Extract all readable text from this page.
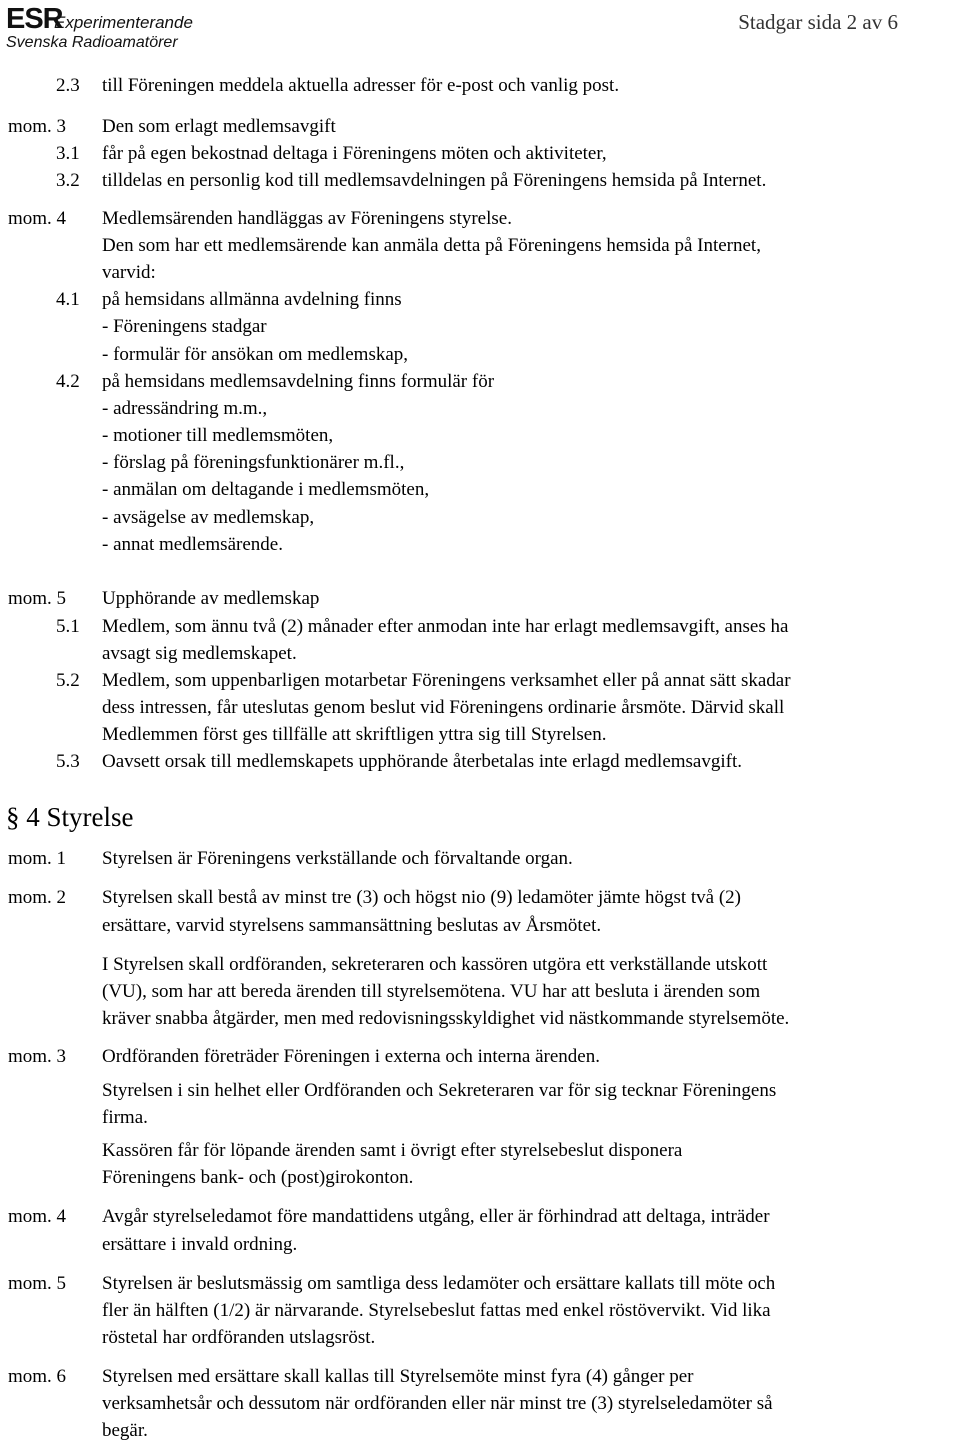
ESR
Experimenterande
Svenska Radioamatörer
Stadgar sida 2 av 6
2.3 till Föreningen meddela aktuella adresser för e-post och vanlig post.
mom. 3 Den som erlagt medlemsavgift
3.1 får på egen bekostnad deltaga i Föreningens möten och aktiviteter,
3.2 tilldelas en personlig kod till medlemsavdelningen på Föreningens hemsida på Internet.
mom. 4 Medlemsärenden handläggas av Föreningens styrelse.
Den som har ett medlemsärende kan anmäla detta på Föreningens hemsida på Internet,
varvid:
4.1 på hemsidans allmänna avdelning finns
- Föreningens stadgar
- formulär för ansökan om medlemskap,
4.2 på hemsidans medlemsavdelning finns formulär för
- adressändring m.m.,
- motioner till medlemsmöten,
- förslag på föreningsfunktionärer m.fl.,
- anmälan om deltagande i medlemsmöten,
- avsägelse av medlemskap,
- annat medlemsärende.
mom. 5 Upphörande av medlemskap
5.1 Medlem, som ännu två (2) månader efter anmodan inte har erlagt medlemsavgift, anses ha
avsagt sig medlemskapet.
5.2 Medlem, som uppenbarligen motarbetar Föreningens verksamhet eller på annat sätt skadar
dess intressen, får uteslutas genom beslut vid Föreningens ordinarie årsmöte. Därvid skall
Medlemmen först ges tillfälle att skriftligen yttra sig till Styrelsen.
5.3 Oavsett orsak till medlemskapets upphörande återbetalas inte erlagd medlemsavgift.
mom. 1 Styrelsen är Föreningens verkställande och förvaltande organ.
mom. 2 Styrelsen skall bestå av minst tre (3) och högst nio (9) ledamöter jämte högst två (2)
ersättare, varvid styrelsens sammansättning beslutas av Årsmötet.
I Styrelsen skall ordföranden, sekreteraren och kassören utgöra ett verkställande utskott
(VU), som har att bereda ärenden till styrelsemötena. VU har att besluta i ärenden som
kräver snabba åtgärder, men med redovisningsskyldighet vid nästkommande styrelsemöte.
mom. 3 Ordföranden företräder Föreningen i externa och interna ärenden.
Styrelsen i sin helhet eller Ordföranden och Sekreteraren var för sig tecknar Föreningens
firma.
Kassören får för löpande ärenden samt i övrigt efter styrelsebeslut disponera
Föreningens bank- och (post)girokonton.
mom. 4 Avgår styrelseledamot före mandattidens utgång, eller är förhindrad att deltaga, inträder
ersättare i invald ordning.
mom. 5 Styrelsen är beslutsmässig om samtliga dess ledamöter och ersättare kallats till möte och
fler än hälften (1/2) är närvarande. Styrelsebeslut fattas med enkel röstövervikt. Vid lika
röstetal har ordföranden utslagsröst.
mom. 6 Styrelsen med ersättare skall kallas till Styrelsemöte minst fyra (4) gånger per
verksamhetsår och dessutom när ordföranden eller när minst tre (3) styrelseledamöter så
begär.
§ 4 Styrelse
